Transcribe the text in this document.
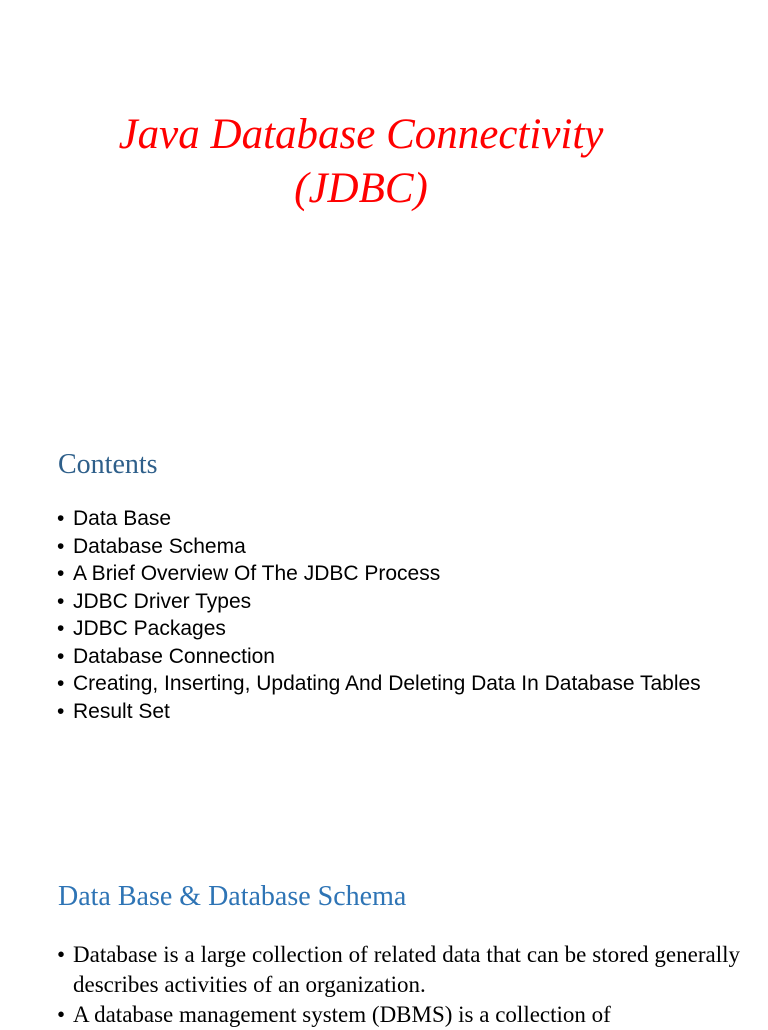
Java Database Connectivity
(JDBC)
Contents
• Data Base
• Database Schema
• A Brief Overview Of The JDBC Process
• JDBC Driver Types
• JDBC Packages
• Database Connection
• Creating, Inserting, Updating And Deleting Data In Database Tables
• Result Set
Data Base & Database Schema
• Database is a large collection of related data that can be stored generally describes activities of an organization.
• A database management system (DBMS) is a collection of
